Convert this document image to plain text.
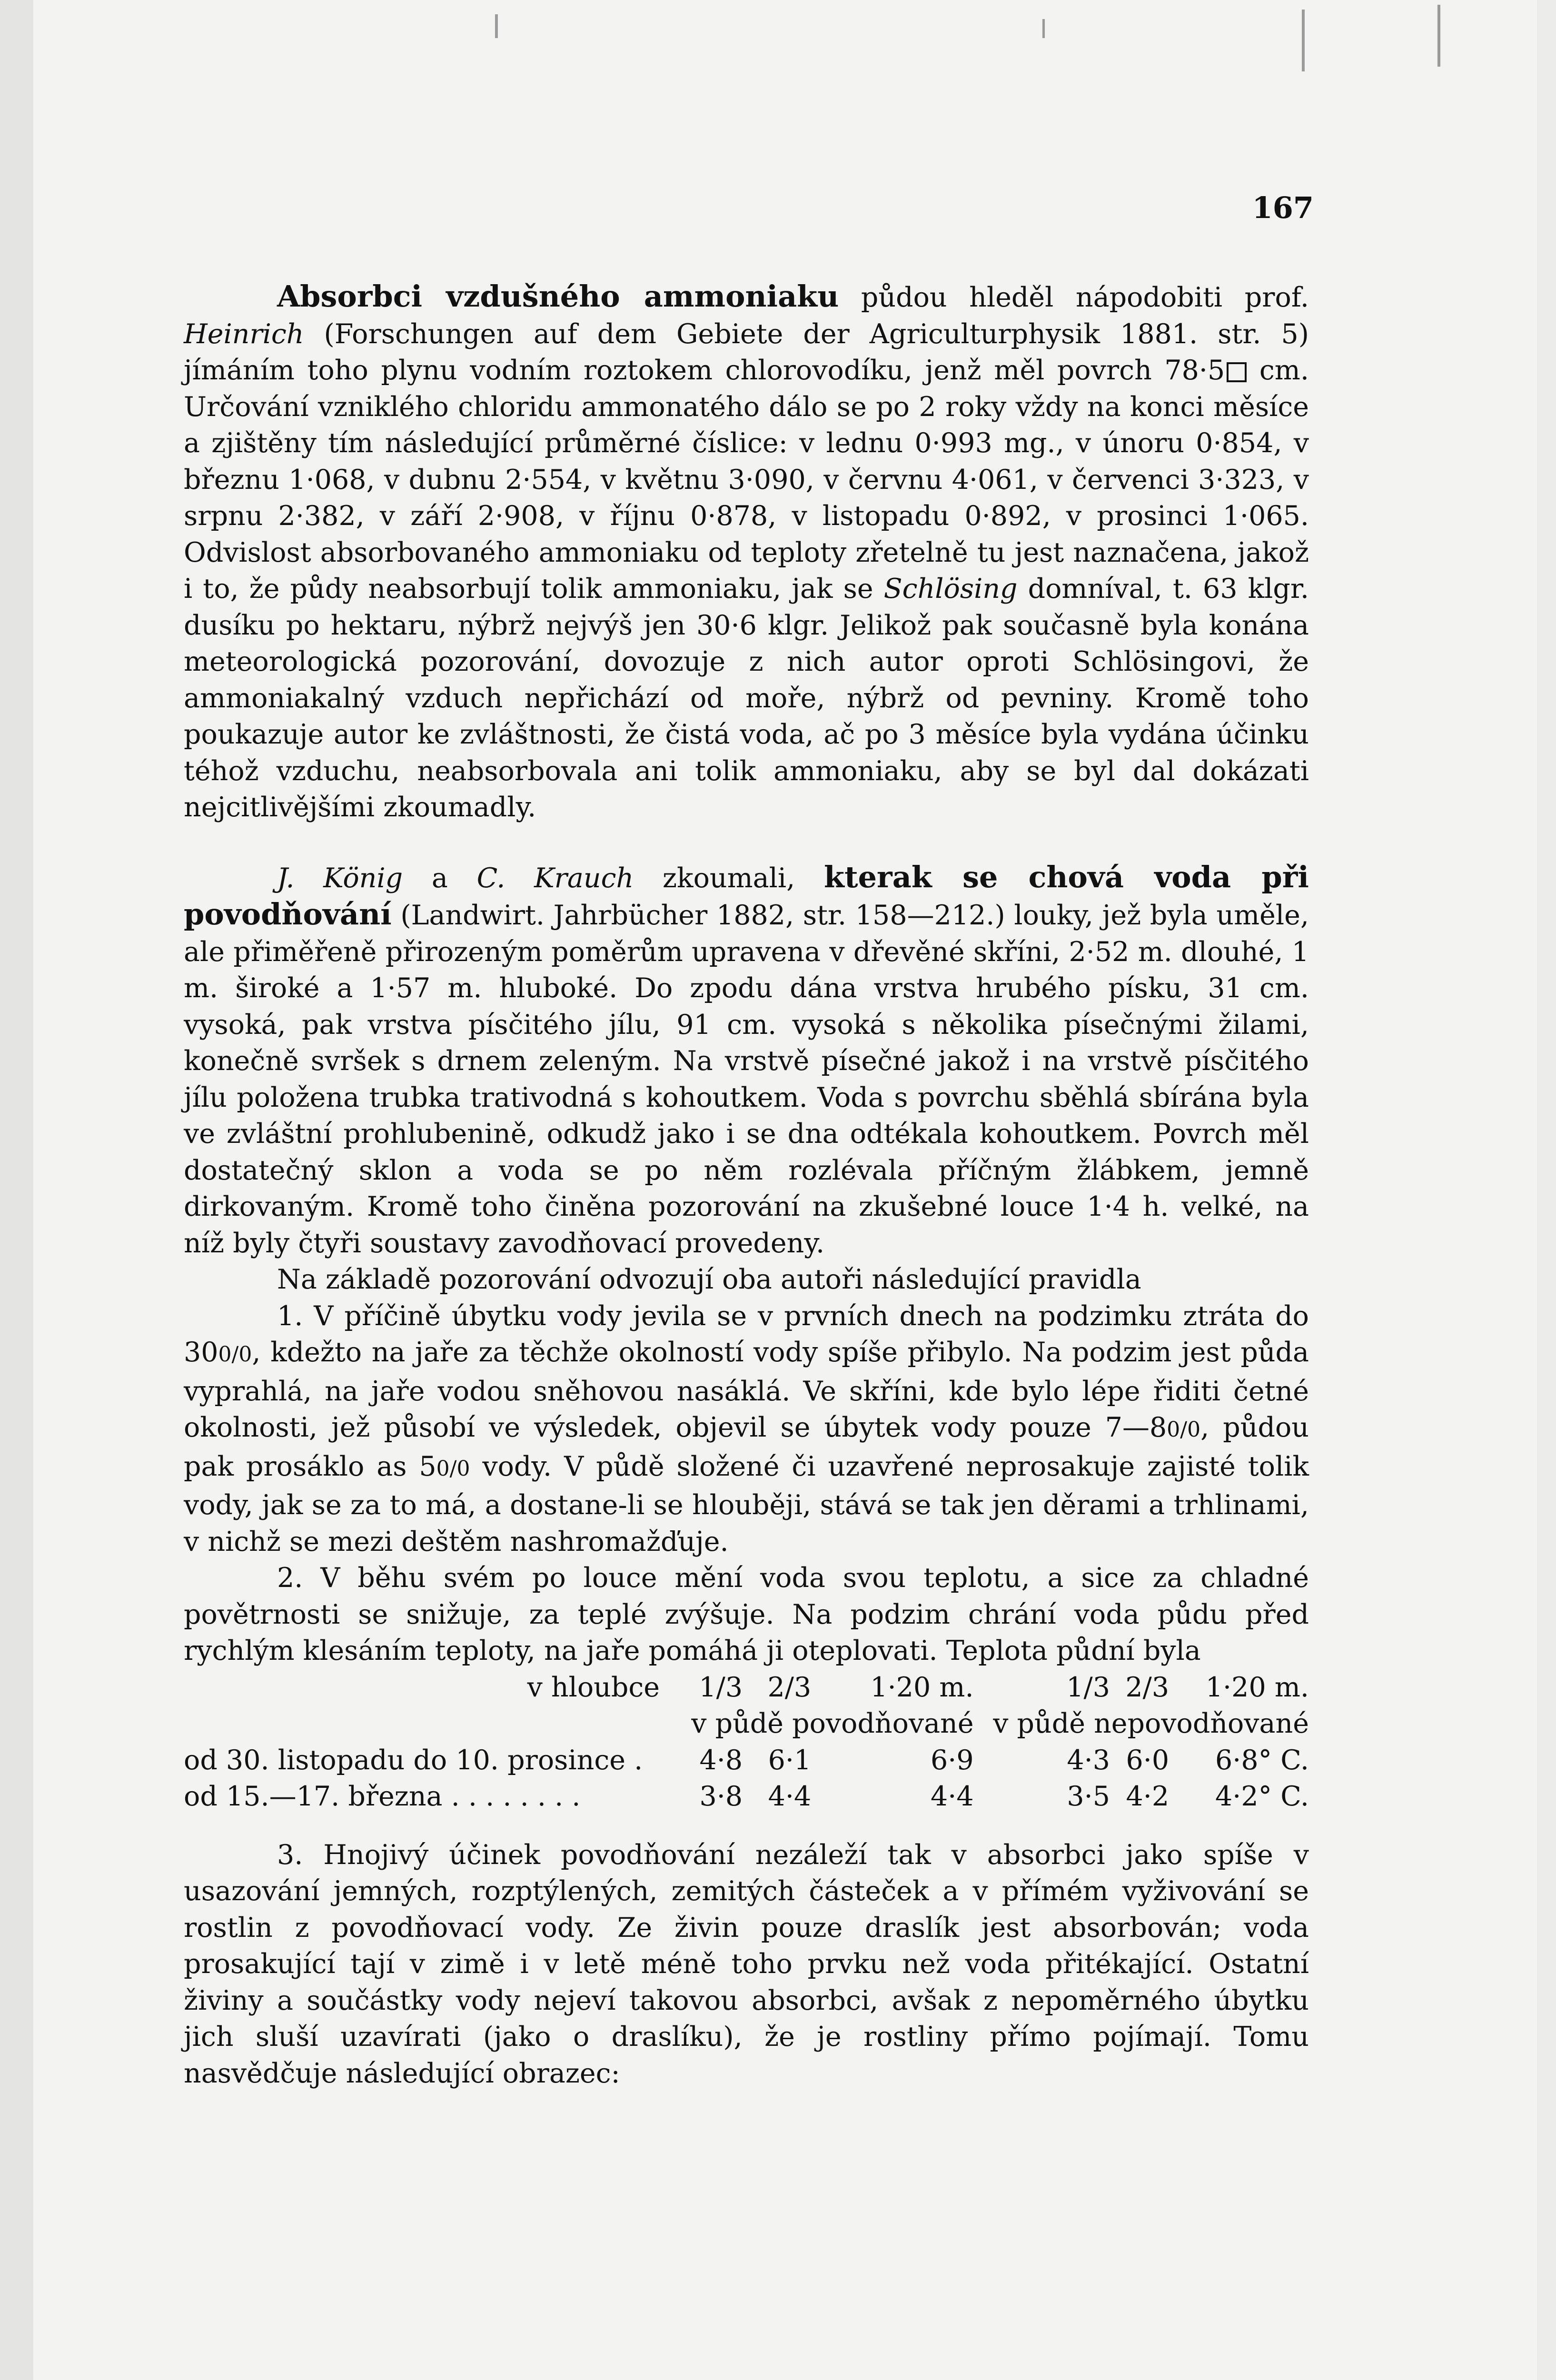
167

Absorbci vzdušného ammoniaku půdou hleděl nápodobiti prof. Heinrich (Forschungen auf dem Gebiete der Agriculturphysik 1881. str. 5) jímáním toho plynu vodním roztokem chlorovodíku, jenž měl povrch 78·5 cm. Určování vzniklého chloridu ammonatého dálo se po 2 roky vždy na konci měsíce a zjištěny tím následující průměrné číslice: v lednu 0·993 mg., v únoru 0·854, v březnu 1·068, v dubnu 2·554, v květnu 3·090, v červnu 4·061, v červenci 3·323, v srpnu 2·382, v září 2·908, v říjnu 0·878, v listopadu 0·892, v prosinci 1·065. Odvislost absorbovaného ammoniaku od teploty zřetelně tu jest naznačena, jakož i to, že půdy neabsorbují tolik ammoniaku, jak se Schlösing domníval, t. 63 klgr. dusíku po hektaru, nýbrž nejvýš jen 30·6 klgr. Jelikož pak současně byla konána meteorologická pozorování, dovozuje z nich autor oproti Schlösingovi, že ammoniakalný vzduch nepřichází od moře, nýbrž od pevniny. Kromě toho poukazuje autor ke zvláštnosti, že čistá voda, ač po 3 měsíce byla vydána účinku téhož vzduchu, neabsorbovala ani tolik ammoniaku, aby se byl dal dokázati nejcitlivějšími zkoumadly.

J. König a C. Krauch zkoumali, kterak se chová voda při povodňování (Landwirt. Jahrbücher 1882, str. 158—212.) louky, jež byla uměle, ale přiměřeně přirozeným poměrům upravena v dřevěné skříni, 2·52 m. dlouhé, 1 m. široké a 1·57 m. hluboké. Do zpodu dána vrstva hrubého písku, 31 cm. vysoká, pak vrstva písčitého jílu, 91 cm. vysoká s několika písečnými žilami, konečně svršek s drnem zeleným. Na vrstvě písečné jakož i na vrstvě písčitého jílu položena trubka trativodná s kohoutkem. Voda s povrchu sběhlá sbírána byla ve zvláštní prohlubenině, odkudž jako i se dna odtékala kohoutkem. Povrch měl dostatečný sklon a voda se po něm rozlévala příčným žlábkem, jemně dirkovaným. Kromě toho činěna pozorování na zkušebné louce 1·4 h. velké, na níž byly čtyři soustavy zavodňovací provedeny.

Na základě pozorování odvozují oba autoři následující pravidla

1. V příčině úbytku vody jevila se v prvních dnech na podzimku ztráta do 300/0, kdežto na jaře za těchže okolností vody spíše přibylo. Na podzim jest půda vyprahlá, na jaře vodou sněhovou nasáklá. Ve skříni, kde bylo lépe řiditi četné okolnosti, jež působí ve výsledek, objevil se úbytek vody pouze 7—80/0, půdou pak prosáklo as 50/0 vody. V půdě složené či uzavřené neprosakuje zajisté tolik vody, jak se za to má, a dostane-li se hlouběji, stává se tak jen děrami a trhlinami, v nichž se mezi deštěm nashromažďuje.

2. V běhu svém po louce mění voda svou teplotu, a sice za chladné povětrnosti se snižuje, za teplé zvýšuje. Na podzim chrání voda půdu před rychlým klesáním teploty, na jaře pomáhá ji oteplovati. Teplota půdní byla

v hloubce	1/3	2/3	1·20 m.	1/3	2/3	1·20 m.
	v půdě povodňované			v půdě nepovodňované		
od 30. listopadu do 10. prosince .	4·8	6·1	6·9	4·3	6·0	6·8° C.
od 15.—17. března . . . . . . . .	3·8	4·4	4·4	3·5	4·2	4·2° C.

3. Hnojivý účinek povodňování nezáleží tak v absorbci jako spíše v usazování jemných, rozptýlených, zemitých částeček a v přímém vyživování se rostlin z povodňovací vody. Ze živin pouze draslík jest absorbován; voda prosakující tají v zimě i v letě méně toho prvku než voda přitékající. Ostatní živiny a součástky vody nejeví takovou absorbci, avšak z nepoměrného úbytku jich sluší uzavírati (jako o draslíku), že je rostliny přímo pojímají. Tomu nasvědčuje následující obrazec:
